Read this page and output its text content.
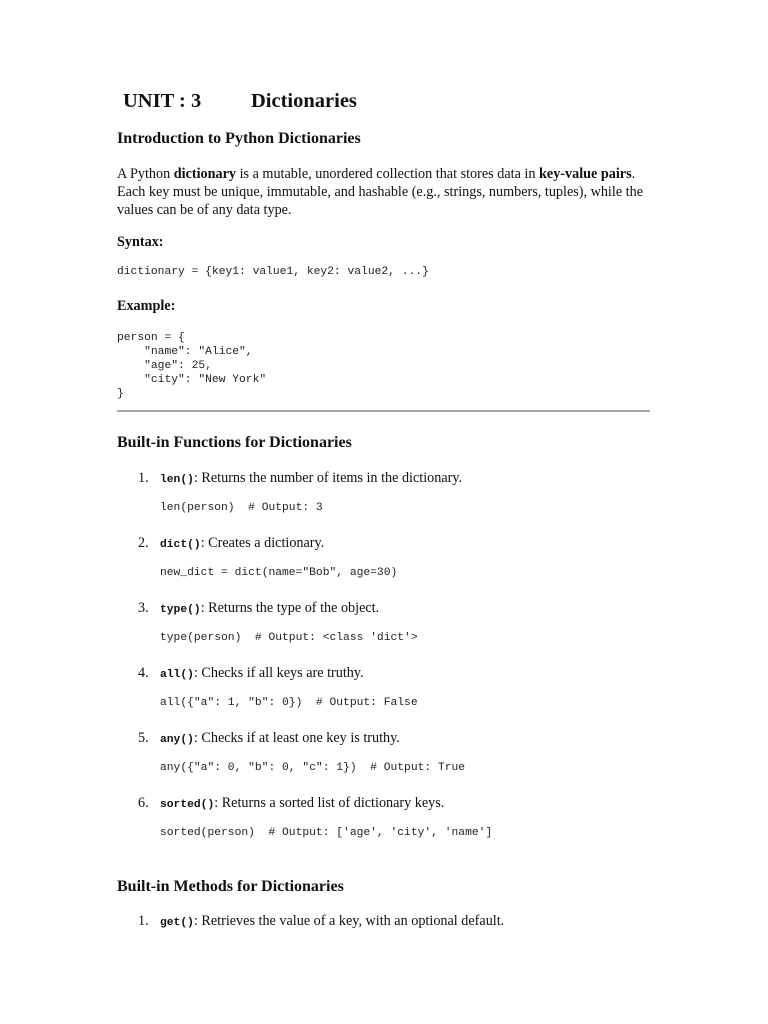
UNIT : 3 Dictionaries
Introduction to Python Dictionaries

A Python dictionary is a mutable, unordered collection that stores data in key-value pairs. Each key must be unique, immutable, and hashable (e.g., strings, numbers, tuples), while the values can be of any data type.

Syntax:
dictionary = {key1: value1, key2: value2, ...}
Example:
person = {
"name": "Alice",
"age": 25,
"city": "New York"
}
Built-in Functions for Dictionaries
1. len(): Returns the number of items in the dictionary.
len(person)  # Output: 3
2. dict(): Creates a dictionary.
new_dict = dict(name="Bob", age=30)
3. type(): Returns the type of the object.
type(person)  # Output: <class 'dict'>
4. all(): Checks if all keys are truthy.
all({"a": 1, "b": 0})  # Output: False
5. any(): Checks if at least one key is truthy.
any({"a": 0, "b": 0, "c": 1})  # Output: True
6. sorted(): Returns a sorted list of dictionary keys.
sorted(person)  # Output: ['age', 'city', 'name']
Built-in Methods for Dictionaries
1. get(): Retrieves the value of a key, with an optional default.
